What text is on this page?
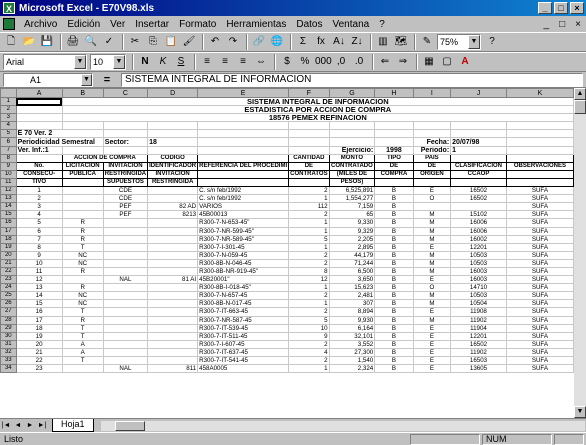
X Microsoft Excel - E70V98.xls	_	□	×
Archivo	Edición	Ver	Insertar	Formato	Herramientas	Datos	Ventana	?	_	□	×
🗋 📂 💾 🖨 🔍 ✓	✂ ⎘ 📋 🖌	↶ ↷	🔗 🌐	Σ	fx A↓ Z↓	▥ 🗺	✎ 75%	▼	?
Arial	▼ 10	▼	N	K	S	≡	≡	≡	⇔	$	% 000 ,0 .0	⇐ ⇒	▦ ▢ A
A1	▼	=	SISTEMA INTEGRAL DE INFORMACION
	A	B	C	D	E	F	G	H	I	J	K
1		SISTEMA INTEGRAL DE INFORMACION									
2		ESTADISTICA POR ACCION DE COMPRA									
3		18576 PEMEX REFINACION									
4											
5	E 70 Ver. 2										
6	Periodicidad Semestral		Sector:	18					Fecha:	20/07/98	
7	Ver. Inf.:1						Ejercicio:	1998	Periodo:	1	
8		ACCION DE COMPRA		CODIGO		CANTIDAD	MONTO	TIPO	PAIS		
9	No.	LICITACION	INVITACION	IDENTIFICADOR	REFERENCIA DEL PROCEDIMI	DE	CONTRATADO	DE	DE	CLASIFICACION	OBSERVACIONES
10	CONSECU-	PUBLICA	RESTRINGIDA	INVITACION		CONTRATOS	(MILES DE	COMPRA	ORIGEN	CCAOP	
11	TIVO		SUPUESTOS	RESTRINGIDA			PESOS)				
12	1		CDE		C. s/n feb/1992	2	6,525,891	B	E	16502	SUFA
13	2		CDE		C. s/n feb/1992	1	1,554,277	B	O	16502	SUFA
14	3		PEF	82 AD	VARIOS	112	7,159	B			SUFA
15	4		PEF	8213	45B00013	2	65	B	M	15102	SUFA
16	5	R			R300-7-N-653-45"	1	9,330	B	M	16006	SUFA
17	6	R			R300-7-NR-599-45"	1	9,329	B	M	16006	SUFA
18	7	R			R300-7-NR-589-45"	5	2,205	B	M	16002	SUFA
19	8	T			R300-7-I-301-45	1	2,895	B	E	12201	SUFA
20	9	NC			R300-7-N-059-45	2	44,179	B	M	10503	SUFA
21	10	NC			R300-8B-N-046-45	2	71,244	B	M	10503	SUFA
22	11	R			R300-8B-NR-919-45"	8	6,500	B	M	16003	SUFA
23	12		NAL	81 AI	45B20001"	12	3,650	B	E	16003	SUFA
24	13	R			R300-8B-I-018-45"	1	15,623	B	O	14710	SUFA
25	14	NC			R300-7-N-657-45	2	2,481	B	M	10503	SUFA
26	15	NC			R300-8B-N-017-45	1	307	B	M	10504	SUFA
27	16	T			R300-7-IT-663-45	2	8,894	B	E	11908	SUFA
28	17	R			R300-7-NR-587-45	5	9,930	B	M	11902	SUFA
29	18	T			R300-7-IT-539-45	10	6,164	B	E	11904	SUFA
30	19	T			R300-7-IT-511-45	9	32,101	B	E	12201	SUFA
31	20	A			R300-7-I-607-45	2	3,552	B	E	16502	SUFA
32	21	A			R300-7-IT-637-45	4	27,300	B	E	11902	SUFA
33	22	T			R300-7-IT-541-45	2	1,540	B	E	16503	SUFA
34	23		NAL	811	458A0005	1	2,324	B	E	13605	SUFA
▲
▼
|◄ ◄ ► ►|	Hoja1
Listo	NUM
